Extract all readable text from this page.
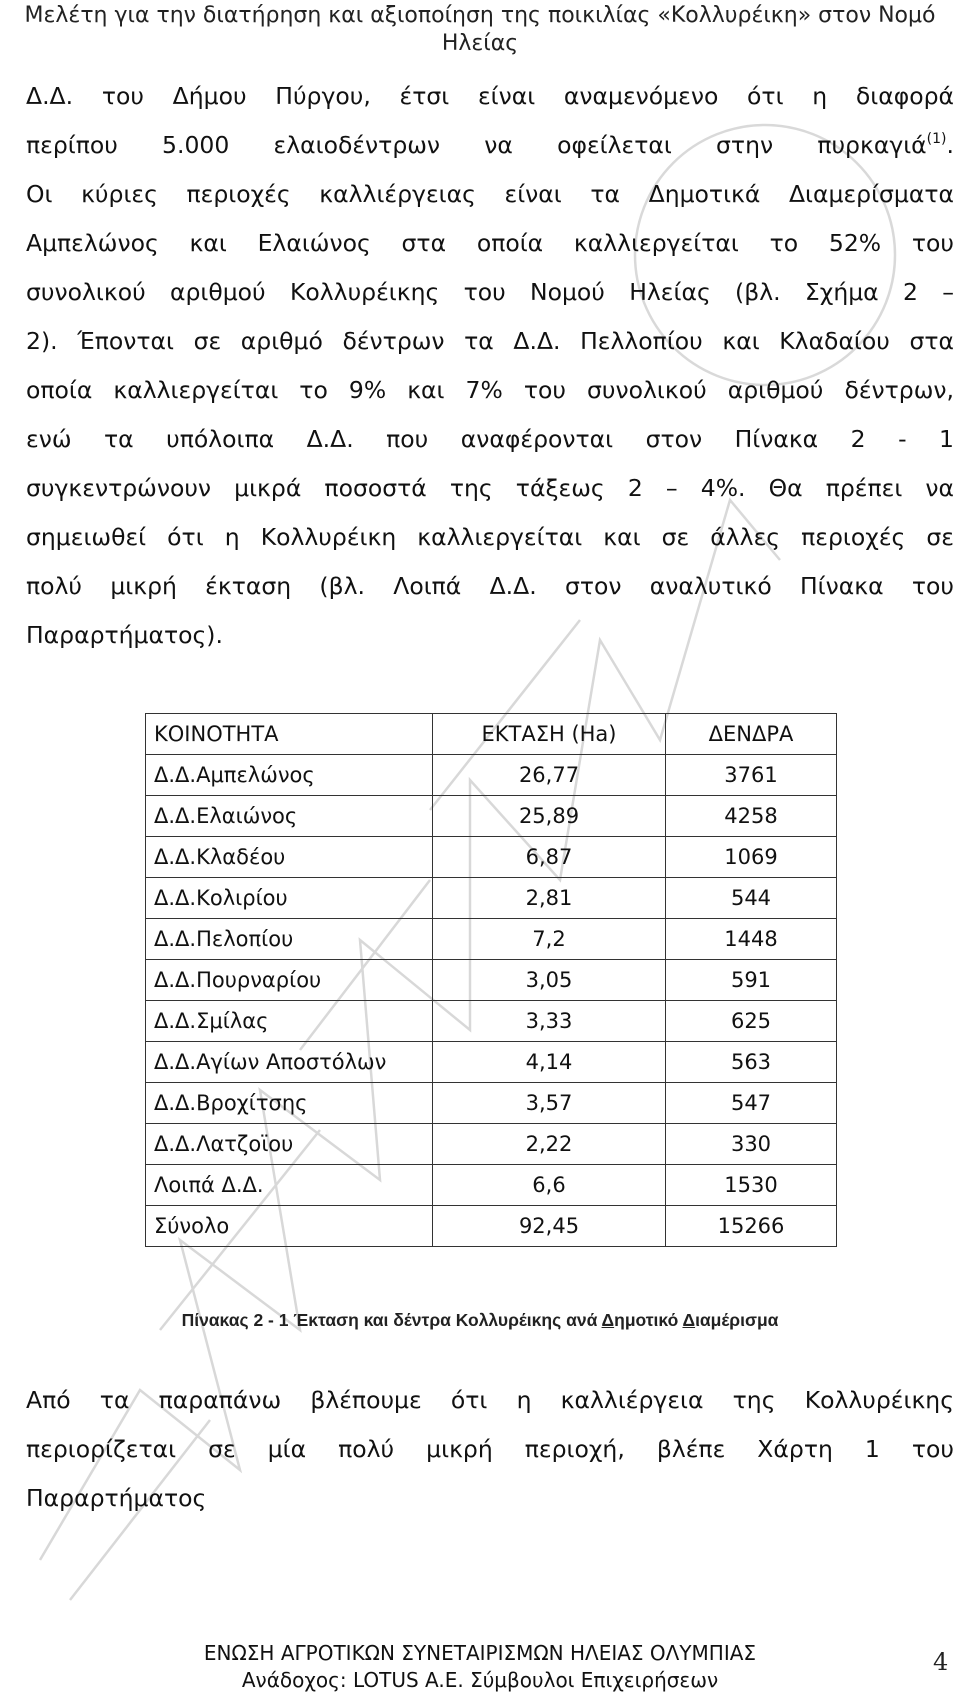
Μελέτη για την διατήρηση και αξιοποίηση της ποικιλίας «Κολλυρέικη» στον Νομό
Ηλείας
Δ.Δ. του Δήμου Πύργου, έτσι είναι αναμενόμενο ότι η διαφορά
περίπου 5.000 ελαιοδέντρων να οφείλεται στην πυρκαγιά$^{(1)}$.
Οι κύριες περιοχές καλλιέργειας είναι τα Δημοτικά Διαμερίσματα
Αμπελώνος και Ελαιώνος στα οποία καλλιεργείται το 52% του
συνολικού αριθμού Κολλυρέικης του Νομού Ηλείας (βλ. Σχήμα 2 –
2). Έπονται σε αριθμό δέντρων τα Δ.Δ. Πελλοπίου και Κλαδαίου στα
οποία καλλιεργείται το 9% και 7% του συνολικού αριθμού δέντρων,
ενώ τα υπόλοιπα Δ.Δ. που αναφέρονται στον Πίνακα 2 - 1
συγκεντρώνουν μικρά ποσοστά της τάξεως 2 – 4%. Θα πρέπει να
σημειωθεί ότι η Κολλυρέικη καλλιεργείται και σε άλλες περιοχές σε
πολύ μικρή έκταση (βλ. Λοιπά Δ.Δ. στον αναλυτικό Πίνακα του
Παραρτήματος).
ΚΟΙΝΟΤΗΤΑ	ΕΚΤΑΣΗ (Ha)	ΔΕΝΔΡΑ
Δ.Δ.Αμπελώνος	26,77	3761
Δ.Δ.Ελαιώνος	25,89	4258
Δ.Δ.Κλαδέου	6,87	1069
Δ.Δ.Κολιρίου	2,81	544
Δ.Δ.Πελοπίου	7,2	1448
Δ.Δ.Πουρναρίου	3,05	591
Δ.Δ.Σμίλας	3,33	625
Δ.Δ.Αγίων Αποστόλων	4,14	563
Δ.Δ.Βροχίτσης	3,57	547
Δ.Δ.Λατζοϊου	2,22	330
Λοιπά Δ.Δ.	6,6	1530
Σύνολο	92,45	15266
Πίνακας 2 - 1 Έκταση και δέντρα Κολλυρέικης ανά Δημοτικό Διαμέρισμα
Από τα παραπάνω βλέπουμε ότι η καλλιέργεια της Κολλυρέικης
περιορίζεται σε μία πολύ μικρή περιοχή, βλέπε Χάρτη 1 του
Παραρτήματος
ΕΝΩΣΗ ΑΓΡΟΤΙΚΩΝ ΣΥΝΕΤΑΙΡΙΣΜΩΝ ΗΛΕΙΑΣ ΟΛΥΜΠΙΑΣ
Ανάδοχος: LOTUS A.E. Σύμβουλοι Επιχειρήσεων
4
